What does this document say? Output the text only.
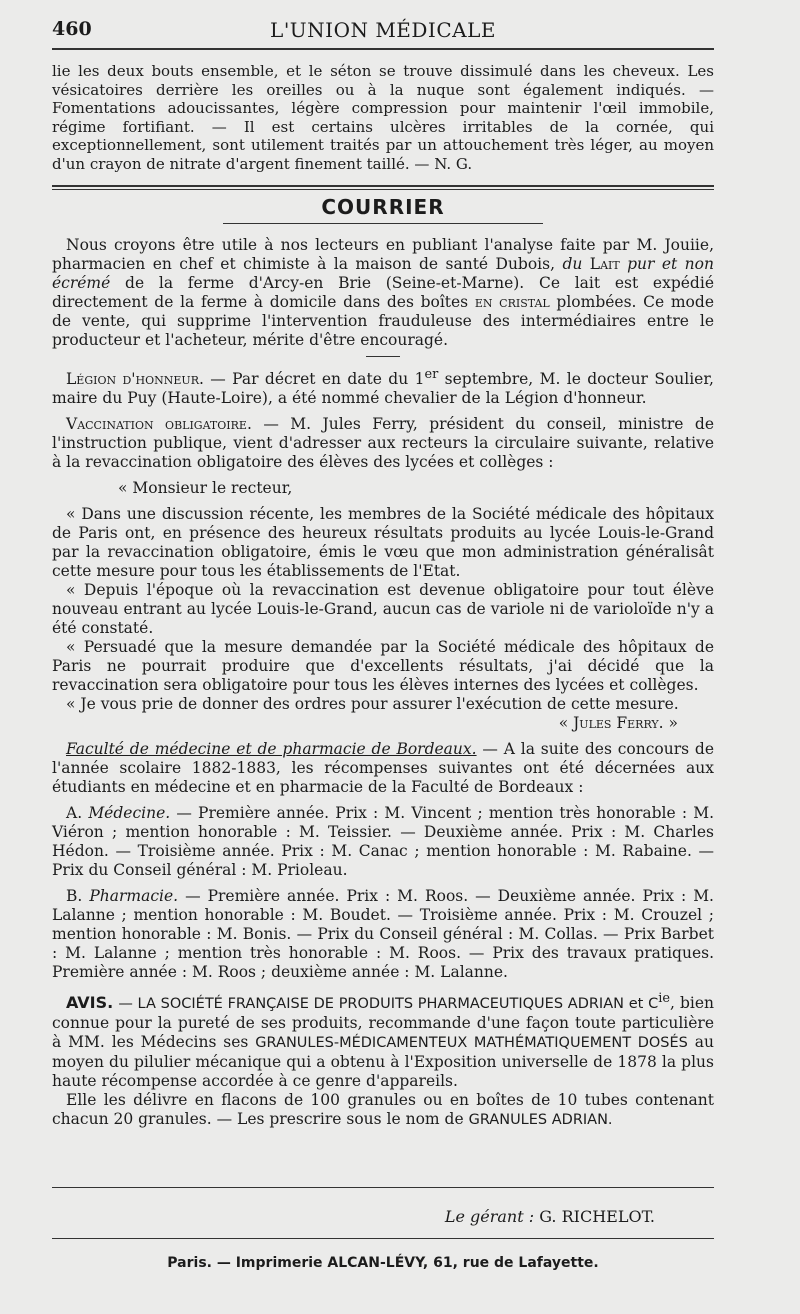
460	L'UNION MÉDICALE

lie les deux bouts ensemble, et le séton se trouve dissimulé dans les cheveux. Les vésicatoires derrière les oreilles ou à la nuque sont également indiqués. — Fomentations adoucissantes, légère compression pour maintenir l'œil immobile, régime fortifiant. — Il est certains ulcères irritables de la cornée, qui exceptionnellement, sont utilement traités par un attouchement très léger, au moyen d'un crayon de nitrate d'argent finement taillé. — N. G.

COURRIER

Nous croyons être utile à nos lecteurs en publiant l'analyse faite par M. Jouiie, pharmacien en chef et chimiste à la maison de santé Dubois, du Lait pur et non écrémé de la ferme d'Arcy-en Brie (Seine-et-Marne). Ce lait est expédié directement de la ferme à domicile dans des boîtes en cristal plombées. Ce mode de vente, qui supprime l'intervention frauduleuse des intermédiaires entre le producteur et l'acheteur, mérite d'être encouragé.

Légion d'honneur. — Par décret en date du 1er septembre, M. le docteur Soulier, maire du Puy (Haute-Loire), a été nommé chevalier de la Légion d'honneur.

Vaccination obligatoire. — M. Jules Ferry, président du conseil, ministre de l'instruction publique, vient d'adresser aux recteurs la circulaire suivante, relative à la revaccination obligatoire des élèves des lycées et collèges :

« Monsieur le recteur,

« Dans une discussion récente, les membres de la Société médicale des hôpitaux de Paris ont, en présence des heureux résultats produits au lycée Louis-le-Grand par la revaccination obligatoire, émis le vœu que mon administration généralisât cette mesure pour tous les établissements de l'Etat.

« Depuis l'époque où la revaccination est devenue obligatoire pour tout élève nouveau entrant au lycée Louis-le-Grand, aucun cas de variole ni de varioloïde n'y a été constaté.

« Persuadé que la mesure demandée par la Société médicale des hôpitaux de Paris ne pourrait produire que d'excellents résultats, j'ai décidé que la revaccination sera obligatoire pour tous les élèves internes des lycées et collèges.

« Je vous prie de donner des ordres pour assurer l'exécution de cette mesure.

« Jules Ferry. »

Faculté de médecine et de pharmacie de Bordeaux. — A la suite des concours de l'année scolaire 1882-1883, les récompenses suivantes ont été décernées aux étudiants en médecine et en pharmacie de la Faculté de Bordeaux :

A. Médecine. — Première année. Prix : M. Vincent ; mention très honorable : M. Viéron ; mention honorable : M. Teissier. — Deuxième année. Prix : M. Charles Hédon. — Troisième année. Prix : M. Canac ; mention honorable : M. Rabaine. — Prix du Conseil général : M. Prioleau.

B. Pharmacie. — Première année. Prix : M. Roos. — Deuxième année. Prix : M. Lalanne ; mention honorable : M. Boudet. — Troisième année. Prix : M. Crouzel ; mention honorable : M. Bonis. — Prix du Conseil général : M. Collas. — Prix Barbet : M. Lalanne ; mention très honorable : M. Roos. — Prix des travaux pratiques. Première année : M. Roos ; deuxième année : M. Lalanne.

AVIS. — LA SOCIÉTÉ FRANÇAISE DE PRODUITS PHARMACEUTIQUES ADRIAN et $C^{ie}$, bien connue pour la pureté de ses produits, recommande d'une façon toute particulière à MM. les Médecins ses GRANULES-MÉDICAMENTEUX MATHÉMATIQUEMENT DOSÉS au moyen du pilulier mécanique qui a obtenu à l'Exposition universelle de 1878 la plus haute récompense accordée à ce genre d'appareils.

Elle les délivre en flacons de 100 granules ou en boîtes de 10 tubes contenant chacun 20 granules. — Les prescrire sous le nom de GRANULES ADRIAN.

Le gérant : G. RICHELOT.
Paris. — Imprimerie ALCAN-LÉVY, 61, rue de Lafayette.
